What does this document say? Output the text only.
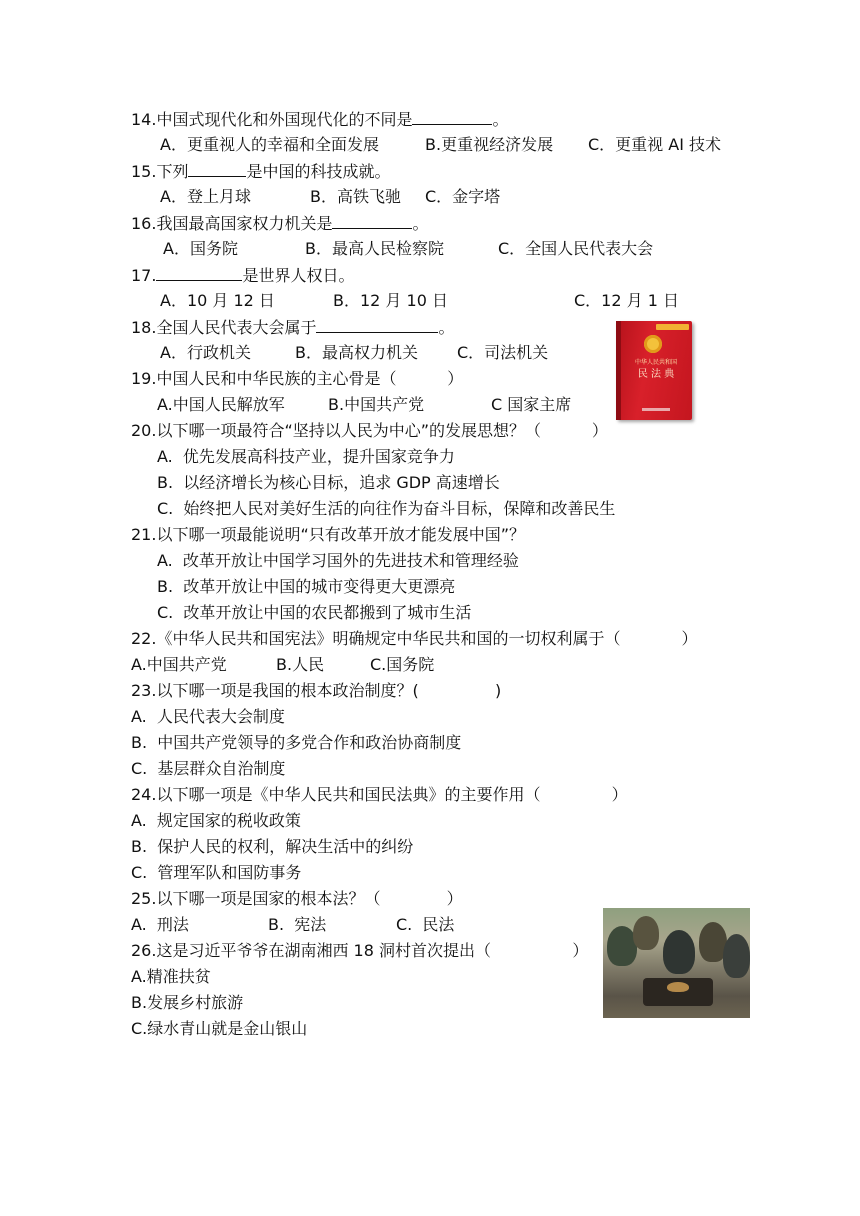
14.中国式现代化和外国现代化的不同是	。
A．更重视人的幸福和全面发展	B.更重视经济发展 C．更重视 AI 技术
15.下列	是中国的科技成就。
A．登上月球	B．高铁飞驰 C．金字塔
16.我国最高国家权力机关是	。
A．国务院	B．最高人民检察院	C．全国人民代表大会
17.	是世界人权日。
A．10 月 12 日	B．12 月 10 日	C．12 月 1 日
18.全国人民代表大会属于	。
A．行政机关	B．最高权力机关 C．司法机关
中华人民共和国
民 法 典
19.中国人民和中华民族的主心骨是（          ）
A.中国人民解放军	B.中国共产党	C 国家主席
20.以下哪一项最符合“坚持以人民为中心”的发展思想？（          ）
A.  优先发展高科技产业，提升国家竞争力
B.  以经济增长为核心目标，追求 GDP 高速增长
C.  始终把人民对美好生活的向往作为奋斗目标，保障和改善民生
21.以下哪一项最能说明“只有改革开放才能发展中国”？
A.  改革开放让中国学习国外的先进技术和管理经验
B.  改革开放让中国的城市变得更大更漂亮
C.  改革开放让中国的农民都搬到了城市生活
22.《中华人民共和国宪法》明确规定中华民共和国的一切权利属于（            ）
A.中国共产党	B.人民	C.国务院
23.以下哪一项是我国的根本政治制度？(               )
A.  人民代表大会制度
B.  中国共产党领导的多党合作和政治协商制度
C.  基层群众自治制度
24.以下哪一项是《中华人民共和国民法典》的主要作用（              ）
A.  规定国家的税收政策
B.  保护人民的权利，解决生活中的纠纷
C.  管理军队和国防事务
25.以下哪一项是国家的根本法？（             ）
A.  刑法	B.  宪法	C.  民法
26.这是习近平爷爷在湖南湘西 18 洞村首次提出（                ）
A.精准扶贫
B.发展乡村旅游
C.绿水青山就是金山银山
